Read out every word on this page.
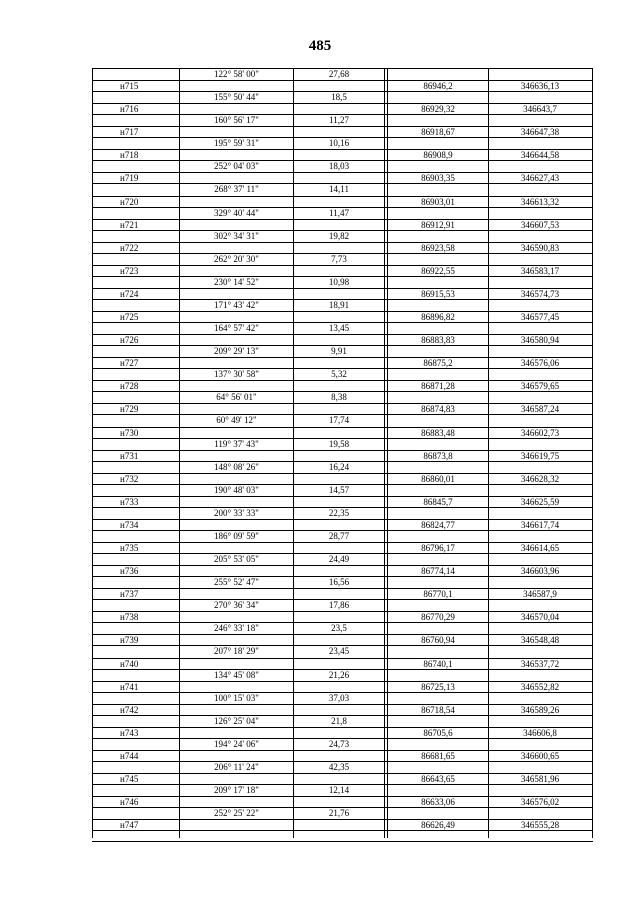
485
122° 58' 00"	27,68
н715	86946,2	346636,13
155° 50' 44"	18,5
н716	86929,32	346643,7
160° 56' 17"	11,27
н717	86918,67	346647,38
195° 59' 31"	10,16
н718	86908,9	346644,58
252° 04' 03"	18,03
н719	86903,35	346627,43
268° 37' 11"	14,11
н720	86903,01	346613,32
329° 40' 44"	11,47
н721	86912,91	346607,53
302° 34' 31"	19,82
н722	86923,58	346590,83
262° 20' 30"	7,73
н723	86922,55	346583,17
230° 14' 52"	10,98
н724	86915,53	346574,73
171° 43' 42"	18,91
н725	86896,82	346577,45
164° 57' 42"	13,45
н726	86883,83	346580,94
209° 29' 13"	9,91
н727	86875,2	346576,06
137° 30' 58"	5,32
н728	86871,28	346579,65
64° 56' 01"	8,38
н729	86874,83	346587,24
60° 49' 12"	17,74
н730	86883,48	346602,73
119° 37' 43"	19,58
н731	86873,8	346619,75
148° 08' 26"	16,24
н732	86860,01	346628,32
190° 48' 03"	14,57
н733	86845,7	346625,59
200° 33' 33"	22,35
н734	86824,77	346617,74
186° 09' 59"	28,77
н735	86796,17	346614,65
205° 53' 05"	24,49
н736	86774,14	346603,96
255° 52' 47"	16,56
н737	86770,1	346587,9
270° 36' 34"	17,86
н738	86770,29	346570,04
246° 33' 18"	23,5
н739	86760,94	346548,48
207° 18' 29"	23,45
н740	86740,1	346537,72
134° 45' 08"	21,26
н741	86725,13	346552,82
100° 15' 03"	37,03
н742	86718,54	346589,26
126° 25' 04"	21,8
н743	86705,6	346606,8
194° 24' 06"	24,73
н744	86681,65	346600,65
206° 11' 24"	42,35
н745	86643,65	346581,96
209° 17' 18"	12,14
н746	86633,06	346576,02
252° 25' 22"	21,76
н747	86626,49	346555,28
